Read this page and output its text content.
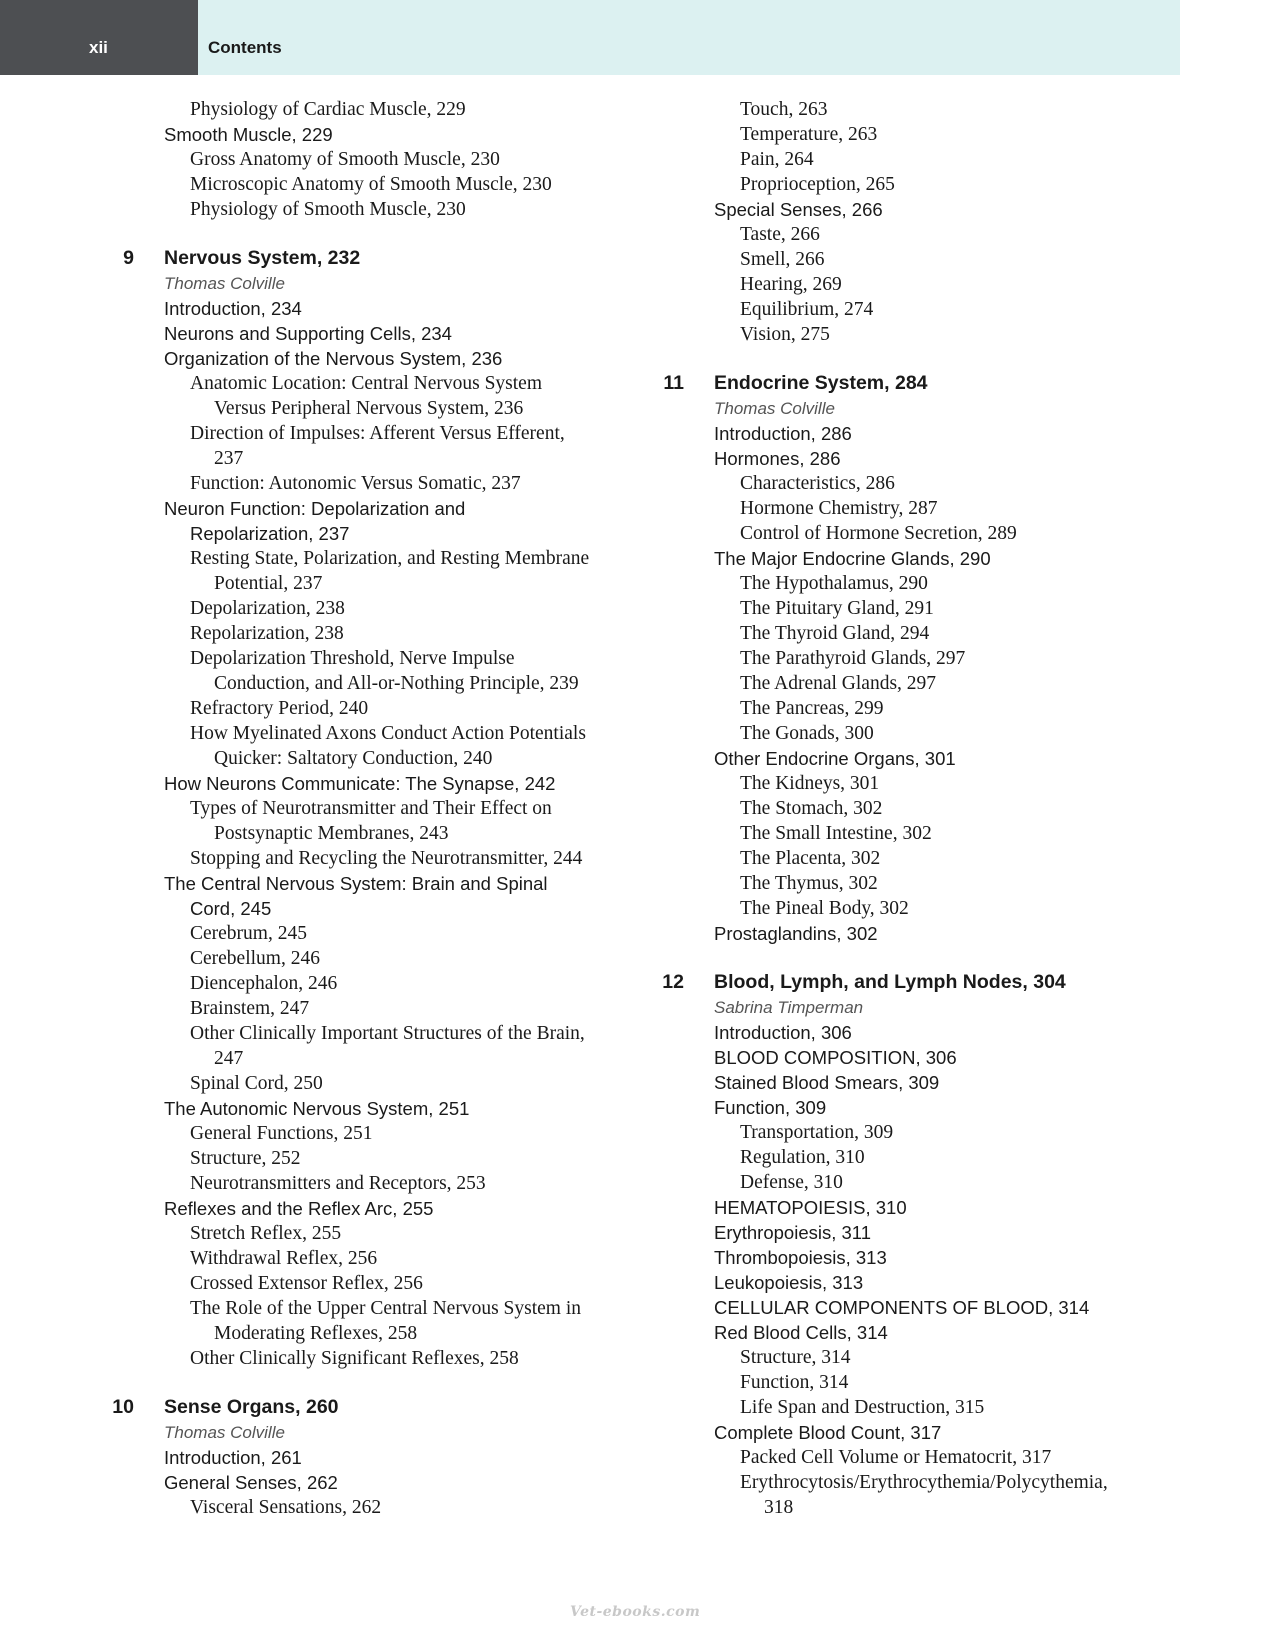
xii	Contents
Physiology of Cardiac Muscle, 229
Smooth Muscle, 229
Gross Anatomy of Smooth Muscle, 230
Microscopic Anatomy of Smooth Muscle, 230
Physiology of Smooth Muscle, 230
9 Nervous System, 232
Thomas Colville
Introduction, 234
Neurons and Supporting Cells, 234
Organization of the Nervous System, 236
Anatomic Location: Central Nervous System
Versus Peripheral Nervous System, 236
Direction of Impulses: Afferent Versus Efferent,
237
Function: Autonomic Versus Somatic, 237
Neuron Function: Depolarization and
Repolarization, 237
Resting State, Polarization, and Resting Membrane
Potential, 237
Depolarization, 238
Repolarization, 238
Depolarization Threshold, Nerve Impulse
Conduction, and All-or-Nothing Principle, 239
Refractory Period, 240
How Myelinated Axons Conduct Action Potentials
Quicker: Saltatory Conduction, 240
How Neurons Communicate: The Synapse, 242
Types of Neurotransmitter and Their Effect on
Postsynaptic Membranes, 243
Stopping and Recycling the Neurotransmitter, 244
The Central Nervous System: Brain and Spinal
Cord, 245
Cerebrum, 245
Cerebellum, 246
Diencephalon, 246
Brainstem, 247
Other Clinically Important Structures of the Brain,
247
Spinal Cord, 250
The Autonomic Nervous System, 251
General Functions, 251
Structure, 252
Neurotransmitters and Receptors, 253
Reflexes and the Reflex Arc, 255
Stretch Reflex, 255
Withdrawal Reflex, 256
Crossed Extensor Reflex, 256
The Role of the Upper Central Nervous System in
Moderating Reflexes, 258
Other Clinically Significant Reflexes, 258
10 Sense Organs, 260
Thomas Colville
Introduction, 261
General Senses, 262
Visceral Sensations, 262
Touch, 263
Temperature, 263
Pain, 264
Proprioception, 265
Special Senses, 266
Taste, 266
Smell, 266
Hearing, 269
Equilibrium, 274
Vision, 275
11 Endocrine System, 284
Thomas Colville
Introduction, 286
Hormones, 286
Characteristics, 286
Hormone Chemistry, 287
Control of Hormone Secretion, 289
The Major Endocrine Glands, 290
The Hypothalamus, 290
The Pituitary Gland, 291
The Thyroid Gland, 294
The Parathyroid Glands, 297
The Adrenal Glands, 297
The Pancreas, 299
The Gonads, 300
Other Endocrine Organs, 301
The Kidneys, 301
The Stomach, 302
The Small Intestine, 302
The Placenta, 302
The Thymus, 302
The Pineal Body, 302
Prostaglandins, 302
12 Blood, Lymph, and Lymph Nodes, 304
Sabrina Timperman
Introduction, 306
BLOOD COMPOSITION, 306
Stained Blood Smears, 309
Function, 309
Transportation, 309
Regulation, 310
Defense, 310
HEMATOPOIESIS, 310
Erythropoiesis, 311
Thrombopoiesis, 313
Leukopoiesis, 313
CELLULAR COMPONENTS OF BLOOD, 314
Red Blood Cells, 314
Structure, 314
Function, 314
Life Span and Destruction, 315
Complete Blood Count, 317
Packed Cell Volume or Hematocrit, 317
Erythrocytosis/Erythrocythemia/Polycythemia,
318
Vet-ebooks.com
